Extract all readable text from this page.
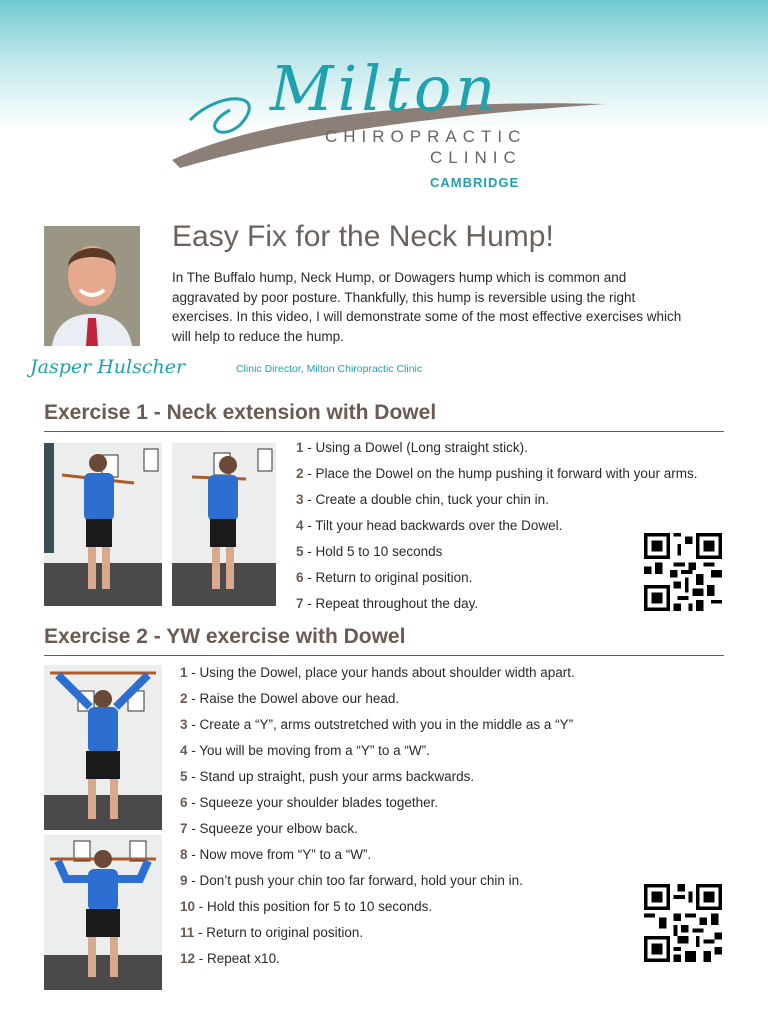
Milton
CHIROPRACTIC
CLINIC
CAMBRIDGE
Easy Fix for the Neck Hump!

In The Buffalo hump, Neck Hump, or Dowagers hump which is common and aggravated by poor posture. Thankfully, this hump is reversible using the right exercises. In this video, I will demonstrate some of the most effective exercises which will help to reduce the hump.

Jasper Hulscher	Clinic Director, Milton Chiropractic Clinic
Exercise 1 - Neck extension with Dowel
1 - Using a Dowel (Long straight stick).
2 - Place the Dowel on the hump pushing it forward with your arms.
3 - Create a double chin, tuck your chin in.
4 - Tilt your head backwards over the Dowel.
5 - Hold 5 to 10 seconds
6 - Return to original position.
7 - Repeat throughout the day.
Exercise 2 - YW exercise with Dowel
1 - Using the Dowel, place your hands about shoulder width apart.
2 - Raise the Dowel above our head.
3 - Create a “Y”, arms outstretched with you in the middle as a “Y”
4 - You will be moving from a “Y” to a “W”.
5 - Stand up straight, push your arms backwards.
6 - Squeeze your shoulder blades together.
7 - Squeeze your elbow back.
8 - Now move from “Y” to a “W”.
9 - Don’t push your chin too far forward, hold your chin in.
10 - Hold this position for 5 to 10 seconds.
11 - Return to original position.
12 - Repeat x10.
